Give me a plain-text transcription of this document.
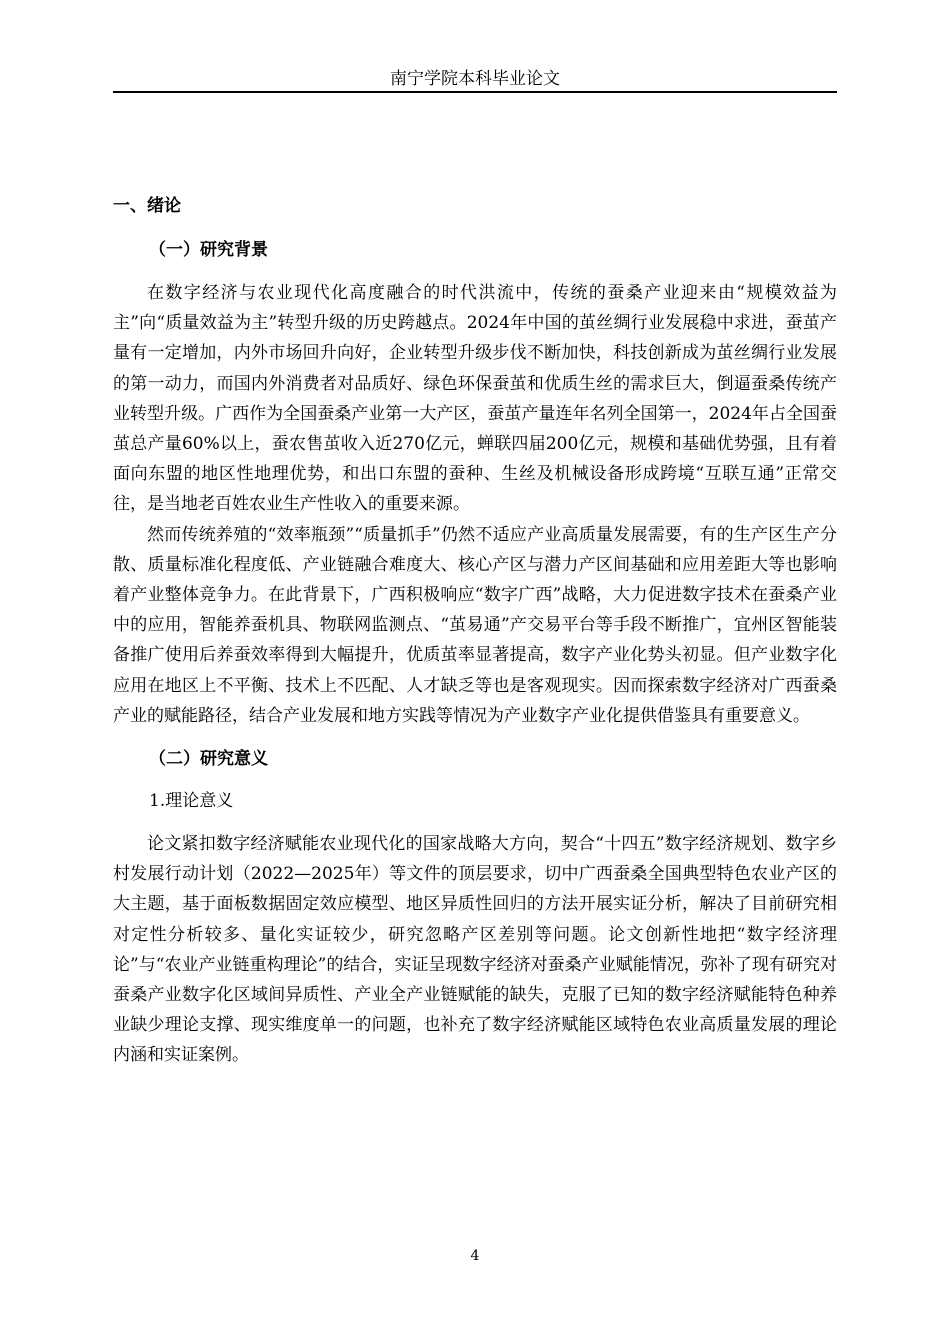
南宁学院本科毕业论文
一、绪论
（一）研究背景

在数字经济与农业现代化高度融合的时代洪流中，传统的蚕桑产业迎来由“规模效益为主”向“质量效益为主”转型升级的历史跨越点。2024年中国的茧丝绸行业发展稳中求进，蚕茧产量有一定增加，内外市场回升向好，企业转型升级步伐不断加快，科技创新成为茧丝绸行业发展的第一动力，而国内外消费者对品质好、绿色环保蚕茧和优质生丝的需求巨大，倒逼蚕桑传统产业转型升级。广西作为全国蚕桑产业第一大产区，蚕茧产量连年名列全国第一，2024年占全国蚕茧总产量60%以上，蚕农售茧收入近270亿元，蝉联四届200亿元，规模和基础优势强，且有着面向东盟的地区性地理优势，和出口东盟的蚕种、生丝及机械设备形成跨境“互联互通”正常交往，是当地老百姓农业生产性收入的重要来源。

然而传统养殖的“效率瓶颈”“质量抓手”仍然不适应产业高质量发展需要，有的生产区生产分散、质量标准化程度低、产业链融合难度大、核心产区与潜力产区间基础和应用差距大等也影响着产业整体竞争力。在此背景下，广西积极响应“数字广西”战略，大力促进数字技术在蚕桑产业中的应用，智能养蚕机具、物联网监测点、“茧易通”产交易平台等手段不断推广，宜州区智能装备推广使用后养蚕效率得到大幅提升，优质茧率显著提高，数字产业化势头初显。但产业数字化应用在地区上不平衡、技术上不匹配、人才缺乏等也是客观现实。因而探索数字经济对广西蚕桑产业的赋能路径，结合产业发展和地方实践等情况为产业数字产业化提供借鉴具有重要意义。

（二）研究意义
1.理论意义

论文紧扣数字经济赋能农业现代化的国家战略大方向，契合“十四五”数字经济规划、数字乡村发展行动计划（2022—2025年）等文件的顶层要求，切中广西蚕桑全国典型特色农业产区的大主题，基于面板数据固定效应模型、地区异质性回归的方法开展实证分析，解决了目前研究相对定性分析较多、量化实证较少，研究忽略产区差别等问题。论文创新性地把“数字经济理论”与“农业产业链重构理论”的结合，实证呈现数字经济对蚕桑产业赋能情况，弥补了现有研究对蚕桑产业数字化区域间异质性、产业全产业链赋能的缺失，克服了已知的数字经济赋能特色种养业缺少理论支撑、现实维度单一的问题，也补充了数字经济赋能区域特色农业高质量发展的理论内涵和实证案例。

4
